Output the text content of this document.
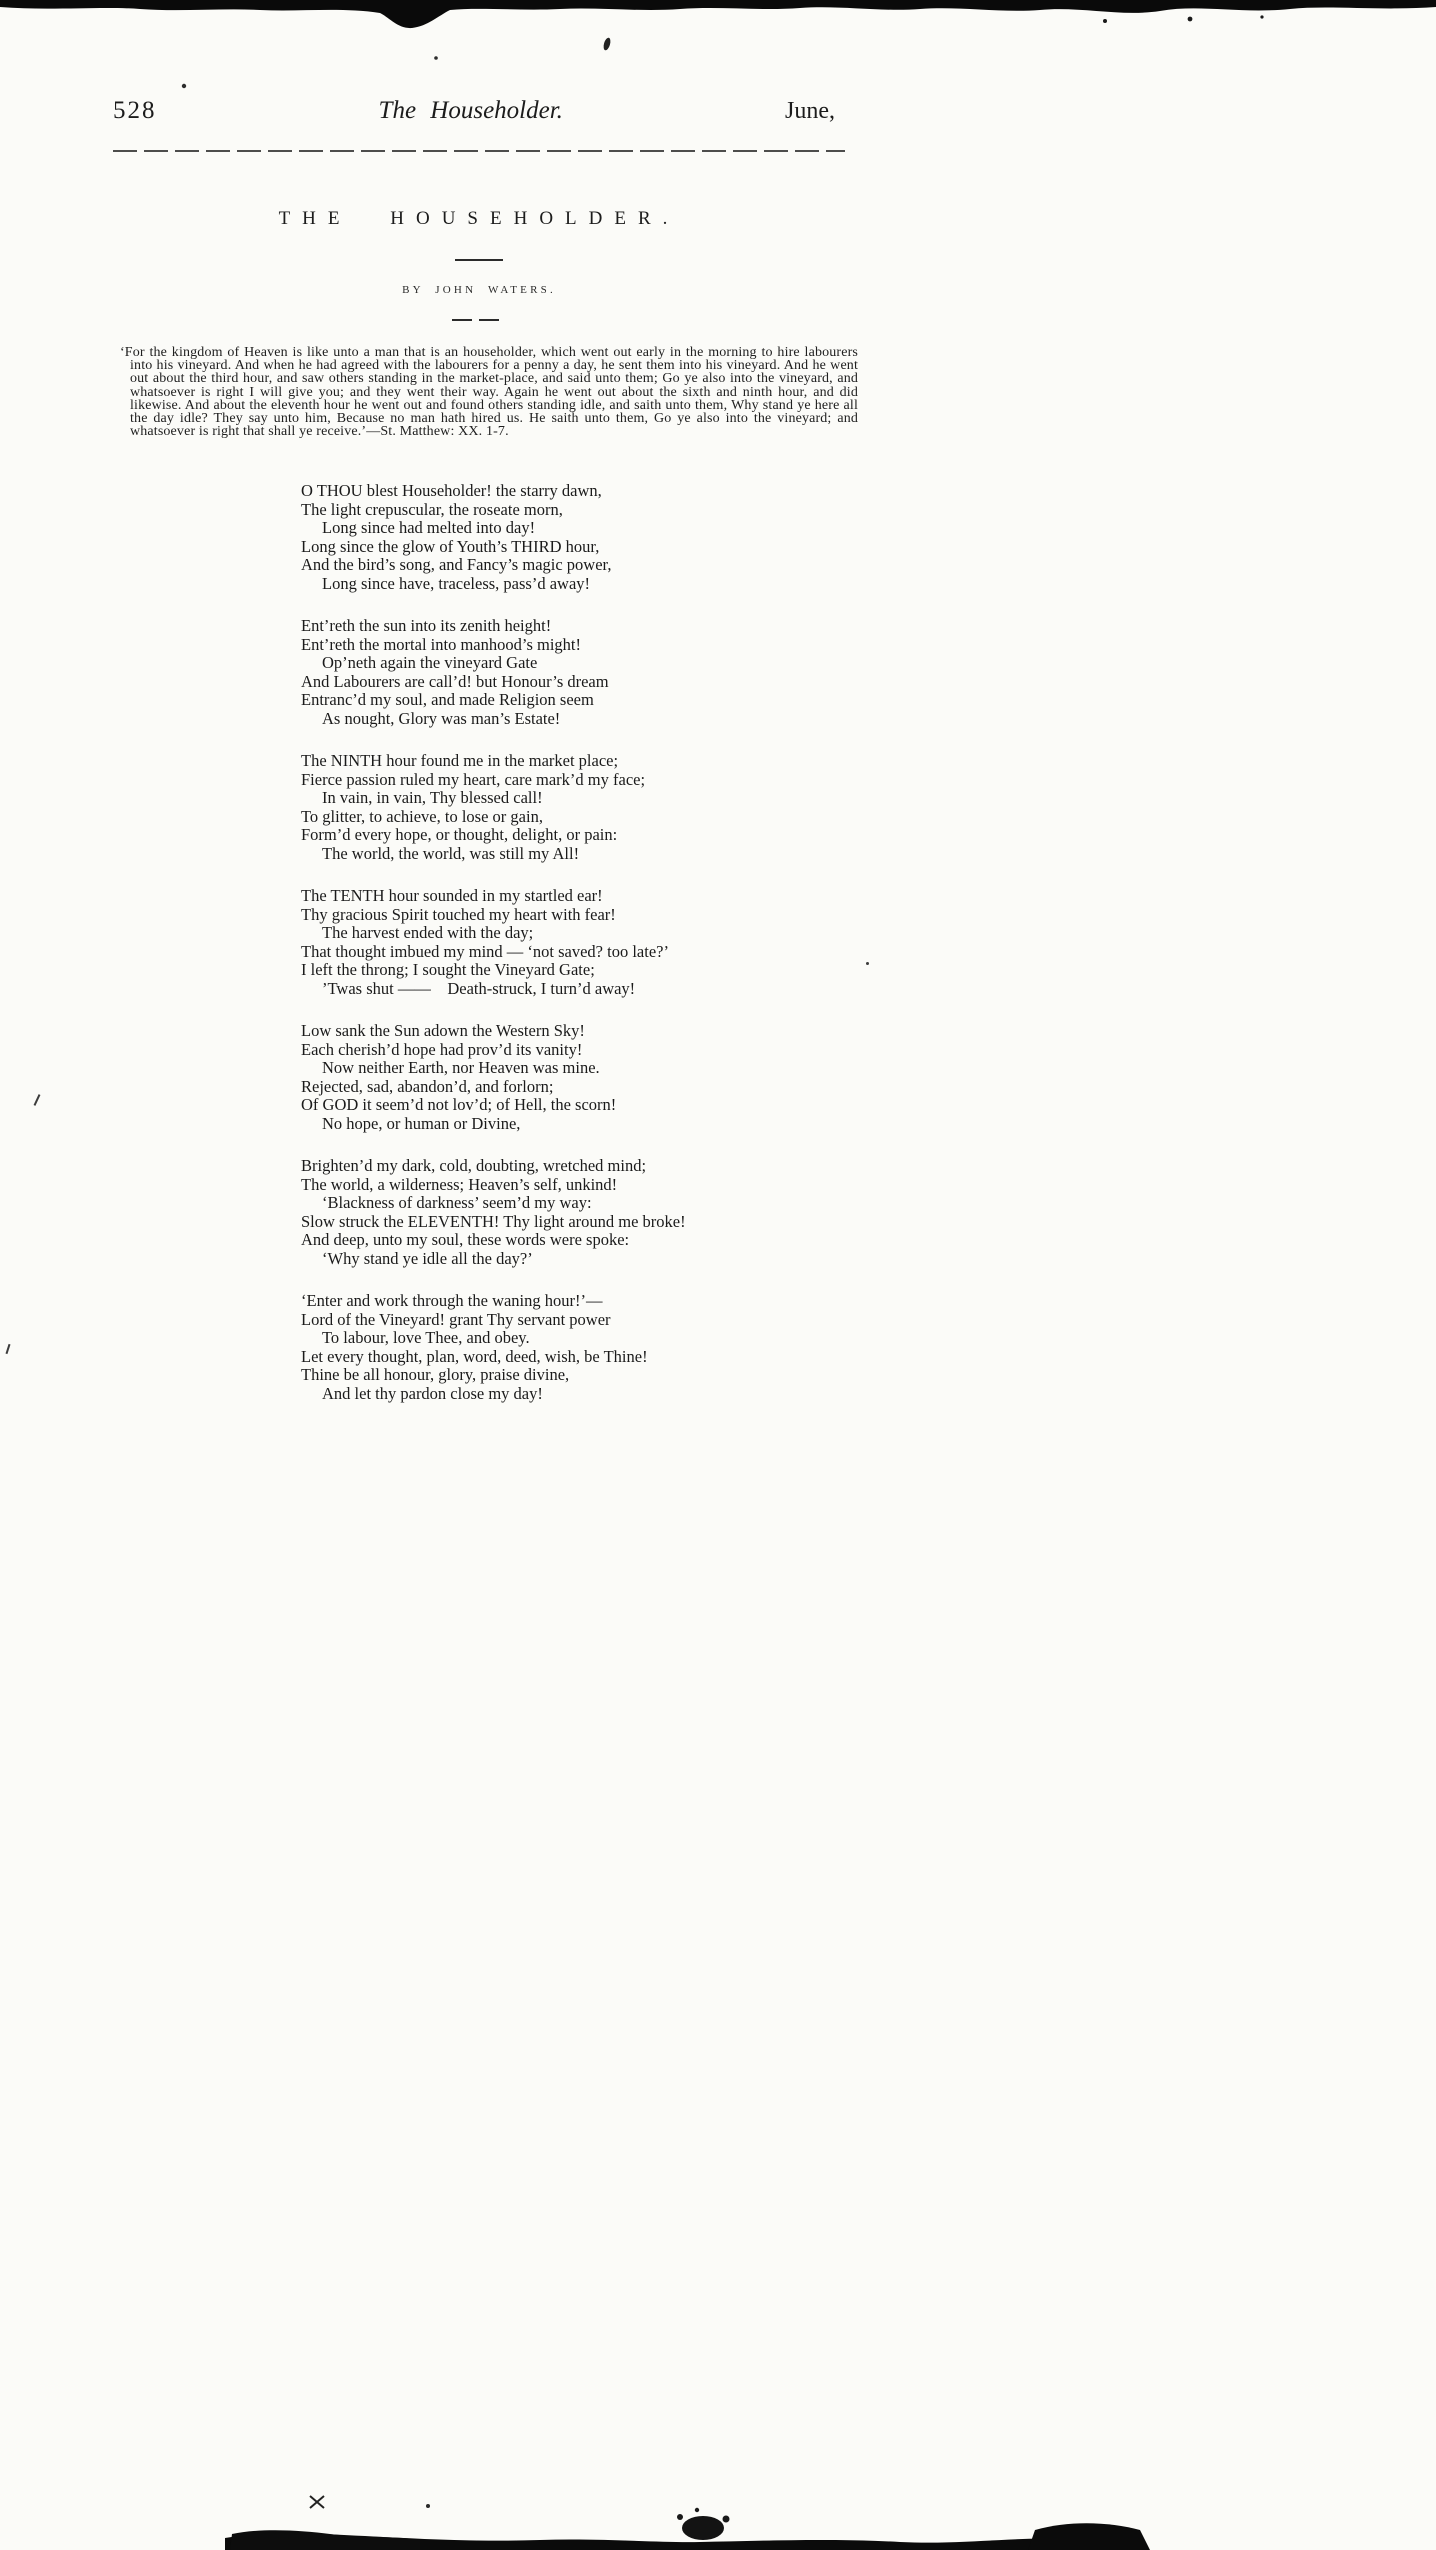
528	The Householder.	June,
THE HOUSEHOLDER.
BY JOHN WATERS.

‘For the kingdom of Heaven is like unto a man that is an householder, which went out early in the morning to hire labourers into his vineyard. And when he had agreed with the labourers for a penny a day, he sent them into his vineyard. And he went out about the third hour, and saw others standing in the market-place, and said unto them; Go ye also into the vineyard, and whatsoever is right I will give you; and they went their way. Again he went out about the sixth and ninth hour, and did likewise. And about the eleventh hour he went out and found others standing idle, and saith unto them, Why stand ye here all the day idle? They say unto him, Because no man hath hired us. He saith unto them, Go ye also into the vineyard; and whatsoever is right that shall ye receive.’—St. Matthew: XX. 1-7.

O THOU blest Householder! the starry dawn,

The light crepuscular, the roseate morn,

Long since had melted into day!

Long since the glow of Youth’s THIRD hour,

And the bird’s song, and Fancy’s magic power,

Long since have, traceless, pass’d away!

Ent’reth the sun into its zenith height!

Ent’reth the mortal into manhood’s might!

Op’neth again the vineyard Gate

And Labourers are call’d! but Honour’s dream

Entranc’d my soul, and made Religion seem

As nought, Glory was man’s Estate!

The NINTH hour found me in the market place;

Fierce passion ruled my heart, care mark’d my face;

In vain, in vain, Thy blessed call!

To glitter, to achieve, to lose or gain,

Form’d every hope, or thought, delight, or pain:

The world, the world, was still my All!

The TENTH hour sounded in my startled ear!

Thy gracious Spirit touched my heart with fear!

The harvest ended with the day;

That thought imbued my mind — ‘not saved? too late?’

I left the throng; I sought the Vineyard Gate;

’Twas shut ——    Death-struck, I turn’d away!

Low sank the Sun adown the Western Sky!

Each cherish’d hope had prov’d its vanity!

Now neither Earth, nor Heaven was mine.

Rejected, sad, abandon’d, and forlorn;

Of GOD it seem’d not lov’d; of Hell, the scorn!

No hope, or human or Divine,

Brighten’d my dark, cold, doubting, wretched mind;

The world, a wilderness; Heaven’s self, unkind!

‘Blackness of darkness’ seem’d my way:

Slow struck the ELEVENTH! Thy light around me broke!

And deep, unto my soul, these words were spoke:

‘Why stand ye idle all the day?’

‘Enter and work through the waning hour!’—

Lord of the Vineyard! grant Thy servant power

To labour, love Thee, and obey.

Let every thought, plan, word, deed, wish, be Thine!

Thine be all honour, glory, praise divine,

And let thy pardon close my day!
